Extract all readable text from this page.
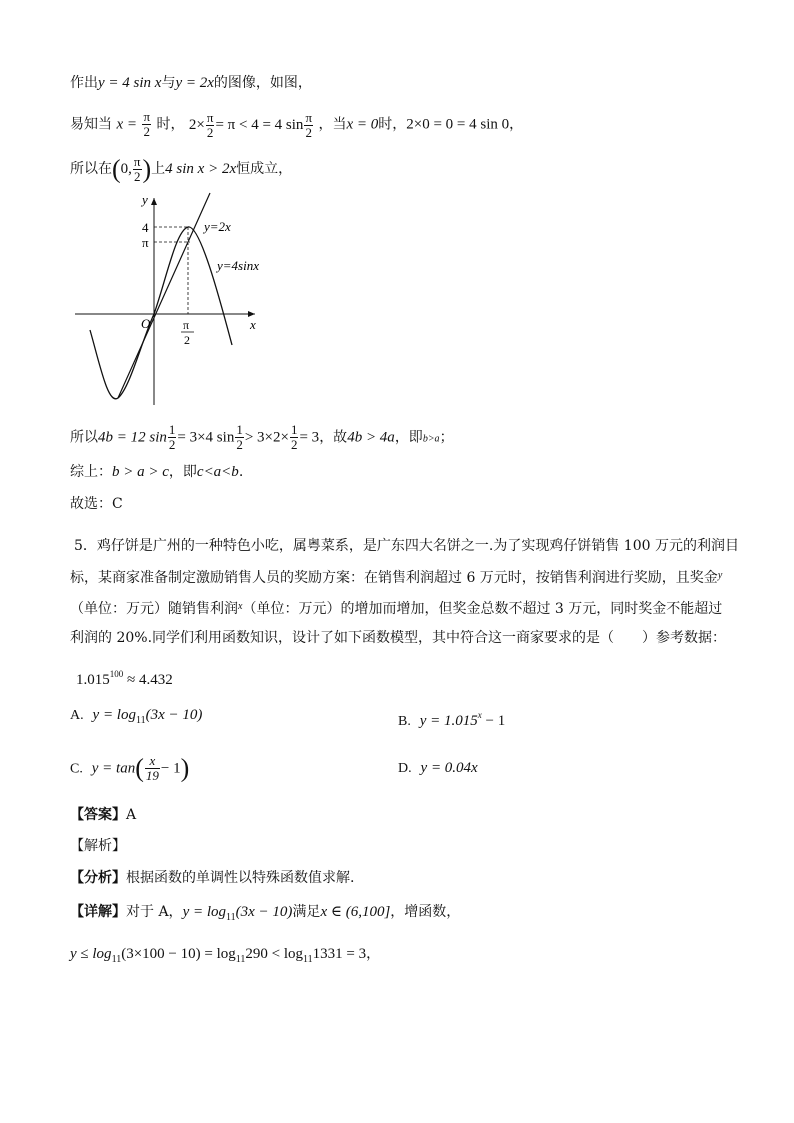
作出y = 4 sin x与y = 2x的图像，如图，
易知当 $x = \frac{\pi}{2}$ 时， $2\times \frac{\pi}{2} = \pi < 4 = 4$ $\sin \frac{\pi}{2}$ ，当x = 0时，2×0 = 0 = 4 sin 0，
所以在(0, $\frac{\pi}{2}$ )上4 sin x > 2x恒成立，
y
x
O
4
π
π
2
y=2x
y=4sinx
所以4b = 12 $\sin \frac{1}{2} = 3\times 4$ $\sin \frac{1}{2} > 3\times 2\times \frac{1}{2} = 3$，故4b > 4a，即b>a；
综上：b > a > c，即c<a<b.
故选：C
5．鸡仔饼是广州的一种特色小吃，属粤菜系，是广东四大名饼之一.为了实现鸡仔饼销售 100 万元的利润目
标，某商家准备制定激励销售人员的奖励方案：在销售利润超过 6 万元时，按销售利润进行奖励，且奖金$^y$
（单位：万元）随销售利润$^x$（单位：万元）的增加而增加，但奖金总数不超过 3 万元，同时奖金不能超过
利润的 20%.同学们利用函数知识，设计了如下函数模型，其中符合这一商家要求的是（　　）参考数据：
$1.015^{100} \approx 4.432$
A. $y = \log_{11}(3x - 10)$	B. $y = 1.015^x - 1$
C. $y = \tan( \frac{x}{19} - 1)$	D. y = 0.04x
【答案】A
【解析】
【分析】根据函数的单调性以特殊函数值求解.
【详解】对于 A，$y = \log_{11}(3x - 10)$满足x ∈ (6,100]，增函数，
$y \le \log_{11}(3\times 100 - 10) = \log_{11}290 < \log_{11}1331 = 3$，
